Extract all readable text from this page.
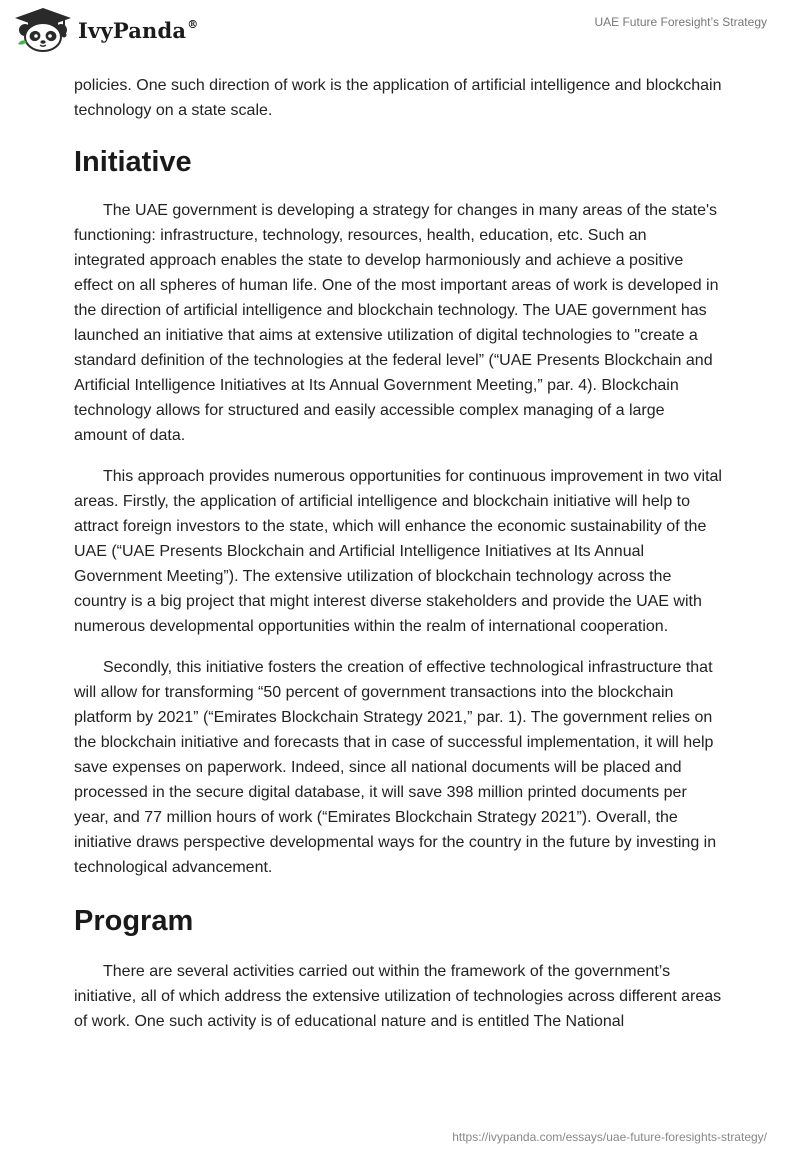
IvyPanda®	UAE Future Foresight’s Strategy

policies. One such direction of work is the application of artificial intelligence and blockchain technology on a state scale.

Initiative

The UAE government is developing a strategy for changes in many areas of the state's functioning: infrastructure, technology, resources, health, education, etc. Such an integrated approach enables the state to develop harmoniously and achieve a positive effect on all spheres of human life. One of the most important areas of work is developed in the direction of artificial intelligence and blockchain technology. The UAE government has launched an initiative that aims at extensive utilization of digital technologies to "create a standard definition of the technologies at the federal level” (“UAE Presents Blockchain and Artificial Intelligence Initiatives at Its Annual Government Meeting,” par. 4). Blockchain technology allows for structured and easily accessible complex managing of a large amount of data.

This approach provides numerous opportunities for continuous improvement in two vital areas. Firstly, the application of artificial intelligence and blockchain initiative will help to attract foreign investors to the state, which will enhance the economic sustainability of the UAE (“UAE Presents Blockchain and Artificial Intelligence Initiatives at Its Annual Government Meeting”). The extensive utilization of blockchain technology across the country is a big project that might interest diverse stakeholders and provide the UAE with numerous developmental opportunities within the realm of international cooperation.

Secondly, this initiative fosters the creation of effective technological infrastructure that will allow for transforming “50 percent of government transactions into the blockchain platform by 2021” (“Emirates Blockchain Strategy 2021,” par. 1). The government relies on the blockchain initiative and forecasts that in case of successful implementation, it will help save expenses on paperwork. Indeed, since all national documents will be placed and processed in the secure digital database, it will save 398 million printed documents per year, and 77 million hours of work (“Emirates Blockchain Strategy 2021”). Overall, the initiative draws perspective developmental ways for the country in the future by investing in technological advancement.

Program

There are several activities carried out within the framework of the government’s initiative, all of which address the extensive utilization of technologies across different areas of work. One such activity is of educational nature and is entitled The National

https://ivypanda.com/essays/uae-future-foresights-strategy/
